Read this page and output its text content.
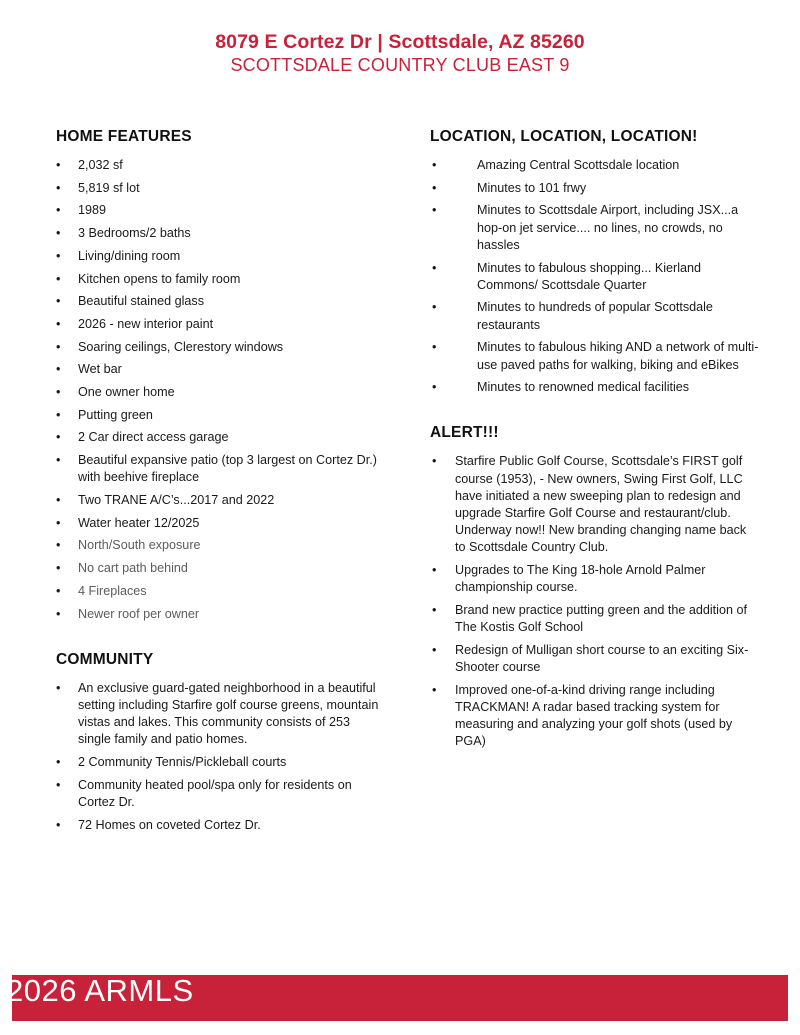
8079 E Cortez Dr | Scottsdale, AZ 85260
SCOTTSDALE COUNTRY CLUB EAST 9
HOME FEATURES
• 2,032 sf
• 5,819 sf lot
• 1989
• 3 Bedrooms/2 baths
• Living/dining room
• Kitchen opens to family room
• Beautiful stained glass
• 2026 - new interior paint
• Soaring ceilings, Clerestory windows
• Wet bar
• One owner home
• Putting green
• 2 Car direct access garage
• Beautiful expansive patio (top 3 largest on Cortez Dr.) with beehive fireplace
• Two TRANE A/C’s...2017 and 2022
• Water heater 12/2025
• North/South exposure
• No cart path behind
• 4 Fireplaces
• Newer roof per owner
COMMUNITY
• An exclusive guard-gated neighborhood in a beautiful setting including Starfire golf course greens, mountain vistas and lakes. This community consists of 253 single family and patio homes.
• 2 Community Tennis/Pickleball courts
• Community heated pool/spa only for residents on Cortez Dr.
• 72 Homes on coveted Cortez Dr.
LOCATION, LOCATION, LOCATION!
•	Amazing Central Scottsdale location
•	Minutes to 101 frwy
•	Minutes to Scottsdale Airport, including JSX...a hop-on jet service.... no lines, no crowds, no hassles
•	Minutes to fabulous shopping... Kierland Commons/ Scottsdale Quarter
•	Minutes to hundreds of popular Scottsdale restaurants
•	Minutes to fabulous hiking AND a network of multi-use paved paths for walking, biking and eBikes
•	Minutes to renowned medical facilities
ALERT!!!
• Starfire Public Golf Course, Scottsdale’s FIRST golf course (1953), - New owners, Swing First Golf, LLC have initiated a new sweeping plan to redesign and upgrade Starfire Golf Course and restaurant/club. Underway now!! New branding changing name back to Scottsdale Country Club.
• Upgrades to The King 18-hole Arnold Palmer championship course.
• Brand new practice putting green and the addition of The Kostis Golf School
• Redesign of Mulligan short course to an exciting Six-Shooter course
• Improved one-of-a-kind driving range including TRACKMAN! A radar based tracking system for measuring and analyzing your golf shots (used by PGA)
2026 ARMLS
